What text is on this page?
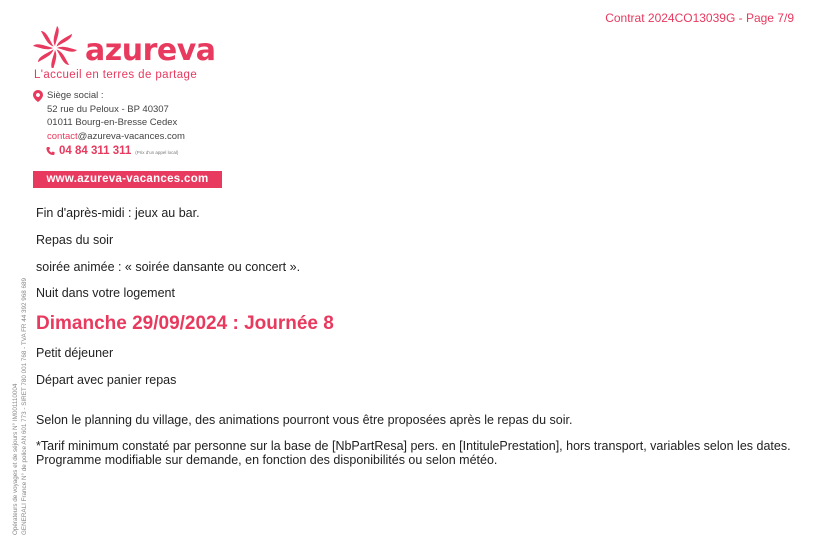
Contrat 2024CO13039G - Page 7/9
azureva
L'accueil en terres de partage
Siège social :
52 rue du Peloux - BP 40307
01011 Bourg-en-Bresse Cedex
contact@azureva-vacances.com
04 84 311 311 (Prix d'un appel local)
www.azureva-vacances.com
Opérateurs de voyages et de séjours N° IM001110004 GENERALI France N° de police AN 601 773 - SIRET 780 001 768 - TVA FR 44 392 968 689
Fin d'après-midi : jeux au bar.
Repas du soir
soirée animée : « soirée dansante ou concert ».
Nuit dans votre logement
Dimanche 29/09/2024 : Journée 8
Petit déjeuner
Départ avec panier repas
Selon le planning du village, des animations pourront vous être proposées après le repas du soir.
*Tarif minimum constaté par personne sur la base de [NbPartResa] pers. en [IntitulePrestation], hors transport, variables selon les dates. Programme modifiable sur demande, en fonction des disponibilités ou selon météo.
